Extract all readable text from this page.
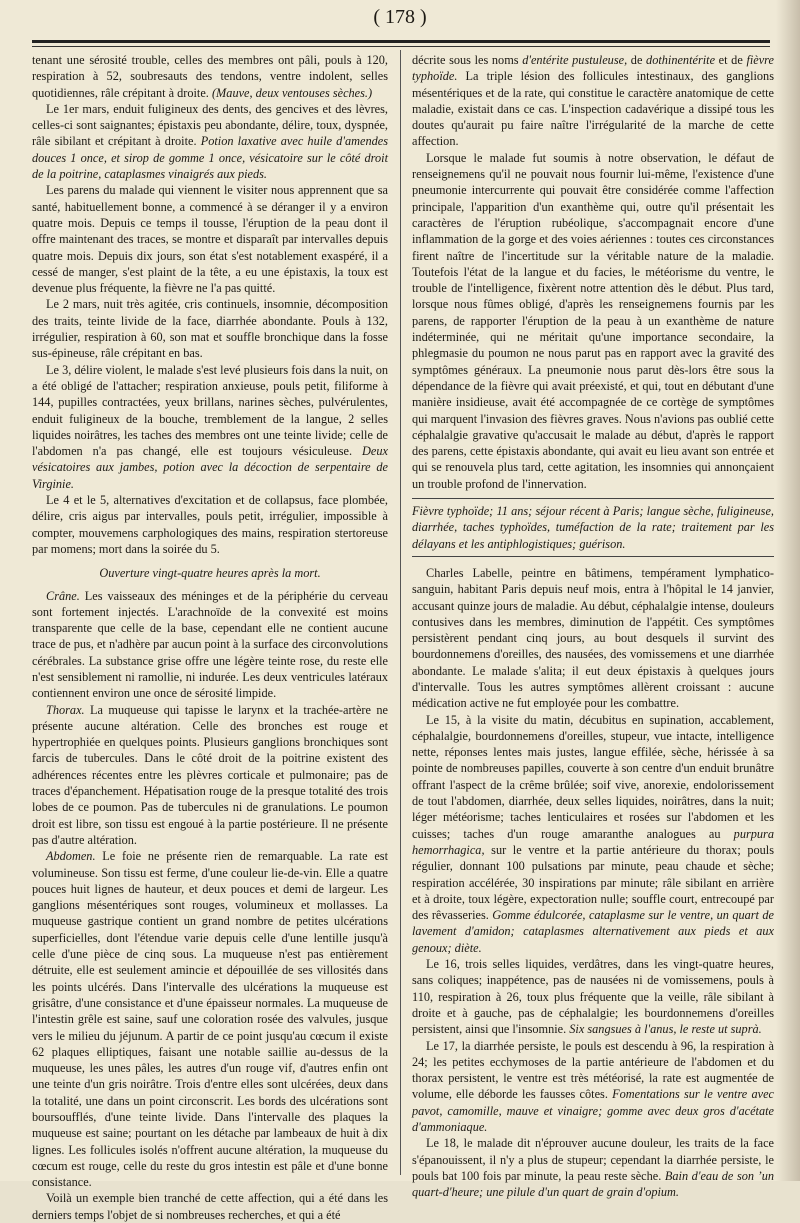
( 178 )

tenant une sérosité trouble, celles des membres ont pâli, pouls à 120, respiration à 52, soubresauts des tendons, ventre indolent, selles quotidiennes, râle crépitant à droite. (Mauve, deux ventouses sèches.)

Le 1er mars, enduit fuligineux des dents, des gencives et des lèvres, celles-ci sont saignantes; épistaxis peu abondante, délire, toux, dyspnée, râle sibilant et crépitant à droite. Potion laxative avec huile d'amendes douces 1 once, et sirop de gomme 1 once, vésicatoire sur le côté droit de la poitrine, cataplasmes vinaigrés aux pieds.

Les parens du malade qui viennent le visiter nous apprennent que sa santé, habituellement bonne, a commencé à se déranger il y a environ quatre mois. Depuis ce temps il tousse, l'éruption de la peau dont il offre maintenant des traces, se montre et disparaît par intervalles depuis quatre mois. Depuis dix jours, son état s'est notablement exaspéré, il a cessé de manger, s'est plaint de la tête, a eu une épistaxis, la toux est devenue plus fréquente, la fièvre ne l'a pas quitté.

Le 2 mars, nuit très agitée, cris continuels, insomnie, décomposition des traits, teinte livide de la face, diarrhée abondante. Pouls à 132, irrégulier, respiration à 60, son mat et souffle bronchique dans la fosse sus-épineuse, râle crépitant en bas.

Le 3, délire violent, le malade s'est levé plusieurs fois dans la nuit, on a été obligé de l'attacher; respiration anxieuse, pouls petit, filiforme à 144, pupilles contractées, yeux brillans, narines sèches, pulvérulentes, enduit fuligineux de la bouche, tremblement de la langue, 2 selles liquides noirâtres, les taches des membres ont une teinte livide; celle de l'abdomen n'a pas changé, elle est toujours vésiculeuse. Deux vésicatoires aux jambes, potion avec la décoction de serpentaire de Virginie.

Le 4 et le 5, alternatives d'excitation et de collapsus, face plombée, délire, cris aigus par intervalles, pouls petit, irrégulier, impossible à compter, mouvemens carphologiques des mains, respiration stertoreuse par momens; mort dans la soirée du 5.

Ouverture vingt-quatre heures après la mort.

Crâne. Les vaisseaux des méninges et de la périphérie du cerveau sont fortement injectés. L'arachnoïde de la convexité est moins transparente que celle de la base, cependant elle ne contient aucune trace de pus, et n'adhère par aucun point à la surface des circonvolutions cérébrales. La substance grise offre une légère teinte rose, du reste elle n'est sensiblement ni ramollie, ni indurée. Les deux ventricules latéraux contiennent environ une once de sérosité limpide.

Thorax. La muqueuse qui tapisse le larynx et la trachée-artère ne présente aucune altération. Celle des bronches est rouge et hypertrophiée en quelques points. Plusieurs ganglions bronchiques sont farcis de tubercules. Dans le côté droit de la poitrine existent des adhérences récentes entre les plèvres corticale et pulmonaire; pas de traces d'épanchement. Hépatisation rouge de la presque totalité des trois lobes de ce poumon. Pas de tubercules ni de granulations. Le poumon droit est libre, son tissu est engoué à la partie postérieure. Il ne présente pas d'autre altération.

Abdomen. Le foie ne présente rien de remarquable. La rate est volumineuse. Son tissu est ferme, d'une couleur lie-de-vin. Elle a quatre pouces huit lignes de hauteur, et deux pouces et demi de largeur. Les ganglions mésentériques sont rouges, volumineux et mollasses. La muqueuse gastrique contient un grand nombre de petites ulcérations superficielles, dont l'étendue varie depuis celle d'une lentille jusqu'à celle d'une pièce de cinq sous. La muqueuse n'est pas entièrement détruite, elle est seulement amincie et dépouillée de ses villosités dans les points ulcérés. Dans l'intervalle des ulcérations la muqueuse est grisâtre, d'une consistance et d'une épaisseur normales. La muqueuse de l'intestin grêle est saine, sauf une coloration rosée des valvules, jusque vers le milieu du jéjunum. A partir de ce point jusqu'au cœcum il existe 62 plaques elliptiques, faisant une notable saillie au-dessus de la muqueuse, les unes pâles, les autres d'un rouge vif, d'autres enfin ont une teinte d'un gris noirâtre. Trois d'entre elles sont ulcérées, deux dans la totalité, une dans un point circonscrit. Les bords des ulcérations sont boursoufflés, d'une teinte livide. Dans l'intervalle des plaques la muqueuse est saine; pourtant on les détache par lambeaux de huit à dix lignes. Les follicules isolés n'offrent aucune altération, la muqueuse du cœcum est rouge, celle du reste du gros intestin est pâle et d'une bonne consistance.

Voilà un exemple bien tranché de cette affection, qui a été dans les derniers temps l'objet de si nombreuses recherches, et qui a été

décrite sous les noms d'entérite pustuleuse, de dothinentérite et de fièvre typhoïde. La triple lésion des follicules intestinaux, des ganglions mésentériques et de la rate, qui constitue le caractère anatomique de cette maladie, existait dans ce cas. L'inspection cadavérique a dissipé tous les doutes qu'aurait pu faire naître l'irrégularité de la marche de cette affection.

Lorsque le malade fut soumis à notre observation, le défaut de renseignemens qu'il ne pouvait nous fournir lui-même, l'existence d'une pneumonie intercurrente qui pouvait être considérée comme l'affection principale, l'apparition d'un exanthème qui, outre qu'il présentait les caractères de l'éruption rubéolique, s'accompagnait encore d'une inflammation de la gorge et des voies aériennes : toutes ces circonstances firent naître de l'incertitude sur la véritable nature de la maladie. Toutefois l'état de la langue et du facies, le météorisme du ventre, le trouble de l'intelligence, fixèrent notre attention dès le début. Plus tard, lorsque nous fûmes obligé, d'après les renseignemens fournis par les parens, de rapporter l'éruption de la peau à un exanthème de nature indéterminée, qui ne méritait qu'une importance secondaire, la phlegmasie du poumon ne nous parut pas en rapport avec la gravité des symptômes généraux. La pneumonie nous parut dès-lors être sous la dépendance de la fièvre qui avait préexisté, et qui, tout en débutant d'une manière insidieuse, avait été accompagnée de ce cortège de symptômes qui marquent l'invasion des fièvres graves. Nous n'avions pas oublié cette céphalalgie gravative qu'accusait le malade au début, d'après le rapport des parens, cette épistaxis abondante, qui avait eu lieu avant son entrée et qui se renouvela plus tard, cette agitation, les insomnies qui annonçaient un trouble profond de l'innervation.

Fièvre typhoïde; 11 ans; séjour récent à Paris; langue sèche, fuligineuse, diarrhée, taches typhoïdes, tuméfaction de la rate; traitement par les délayans et les antiphlogistiques; guérison.

Charles Labelle, peintre en bâtimens, tempérament lymphatico-sanguin, habitant Paris depuis neuf mois, entra à l'hôpital le 14 janvier, accusant quinze jours de maladie. Au début, céphalalgie intense, douleurs contusives dans les membres, diminution de l'appétit. Ces symptômes persistèrent pendant cinq jours, au bout desquels il survint des bourdonnemens d'oreilles, des nausées, des vomissemens et une diarrhée abondante. Le malade s'alita; il eut deux épistaxis à quelques jours d'intervalle. Tous les autres symptômes allèrent croissant : aucune médication active ne fut employée pour les combattre.

Le 15, à la visite du matin, décubitus en supination, accablement, céphalalgie, bourdonnemens d'oreilles, stupeur, vue intacte, intelligence nette, réponses lentes mais justes, langue effilée, sèche, hérissée à sa pointe de nombreuses papilles, couverte à son centre d'un enduit brunâtre offrant l'aspect de la crême brûlée; soif vive, anorexie, endolorissement de tout l'abdomen, diarrhée, deux selles liquides, noirâtres, dans la nuit; léger météorisme; taches lenticulaires et rosées sur l'abdomen et les cuisses; taches d'un rouge amaranthe analogues au purpura hemorrhagica, sur le ventre et la partie antérieure du thorax; pouls régulier, donnant 100 pulsations par minute, peau chaude et sèche; respiration accélérée, 30 inspirations par minute; râle sibilant en arrière et à droite, toux légère, expectoration nulle; souffle court, entrecoupé par des rêvasseries. Gomme édulcorée, cataplasme sur le ventre, un quart de lavement d'amidon; cataplasmes alternativement aux pieds et aux genoux; diète.

Le 16, trois selles liquides, verdâtres, dans les vingt-quatre heures, sans coliques; inappétence, pas de nausées ni de vomissemens, pouls à 110, respiration à 26, toux plus fréquente que la veille, râle sibilant à droite et à gauche, pas de céphalalgie; les bourdonnemens d'oreilles persistent, ainsi que l'insomnie. Six sangsues à l'anus, le reste ut suprà.

Le 17, la diarrhée persiste, le pouls est descendu à 96, la respiration à 24; les petites ecchymoses de la partie antérieure de l'abdomen et du thorax persistent, le ventre est très météorisé, la rate est augmentée de volume, elle déborde les fausses côtes. Fomentations sur le ventre avec pavot, camomille, mauve et vinaigre; gomme avec deux gros d'acétate d'ammoniaque.

Le 18, le malade dit n'éprouver aucune douleur, les traits de la face s'épanouissent, il n'y a plus de stupeur; cependant la diarrhée persiste, le pouls bat 100 fois par minute, la peau reste sèche. Bain d'eau de son ’un quart-d'heure; une pilule d'un quart de grain d'opium.
